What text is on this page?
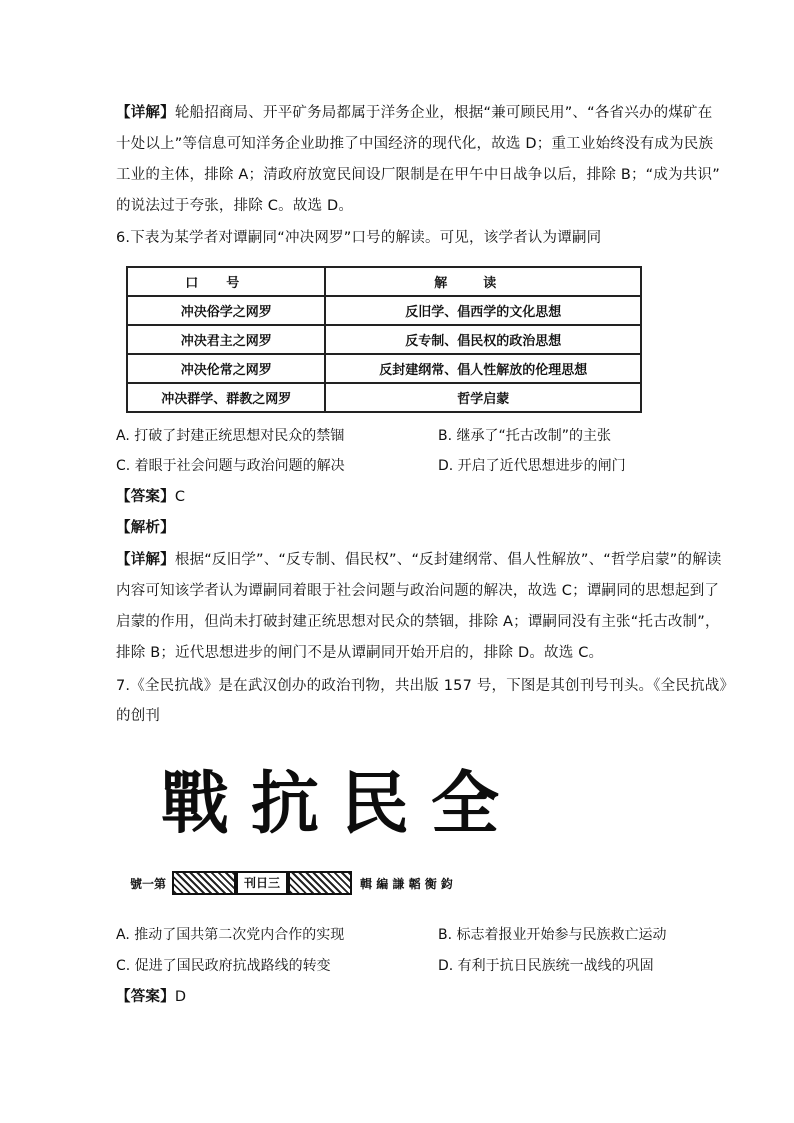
【详解】轮船招商局、开平矿务局都属于洋务企业，根据“兼可顾民用”、“各省兴办的煤矿在
十处以上”等信息可知洋务企业助推了中国经济的现代化，故选 D；重工业始终没有成为民族
工业的主体，排除 A；清政府放宽民间设厂限制是在甲午中日战争以后，排除 B；“成为共识”
的说法过于夸张，排除 C。故选 D。
6.下表为某学者对谭嗣同“冲决网罗”口号的解读。可见，该学者认为谭嗣同
口号	解读
冲决俗学之网罗	反旧学、倡西学的文化思想
冲决君主之网罗	反专制、倡民权的政治思想
冲决伦常之网罗	反封建纲常、倡人性解放的伦理思想
冲决群学、群教之网罗	哲学启蒙
A. 打破了封建正统思想对民众的禁锢	B. 继承了“托古改制”的主张
C. 着眼于社会问题与政治问题的解决	D. 开启了近代思想进步的闸门
【答案】C
【解析】
【详解】根据“反旧学”、“反专制、倡民权”、“反封建纲常、倡人性解放”、“哲学启蒙”的解读
内容可知该学者认为谭嗣同着眼于社会问题与政治问题的解决，故选 C；谭嗣同的思想起到了
启蒙的作用，但尚未打破封建正统思想对民众的禁锢，排除 A；谭嗣同没有主张“托古改制”，
排除 B；近代思想进步的闸门不是从谭嗣同开始开启的，排除 D。故选 C。
7.《全民抗战》是在武汉创办的政治刊物，共出版 157 号，下图是其创刊号刊头。《全民抗战》
的创刊
戰 抗 民 全
號一第	刊日三	輯 編 謙 韜 衡 鈞
A. 推动了国共第二次党内合作的实现	B. 标志着报业开始参与民族救亡运动
C. 促进了国民政府抗战路线的转变	D. 有利于抗日民族统一战线的巩固
【答案】D
